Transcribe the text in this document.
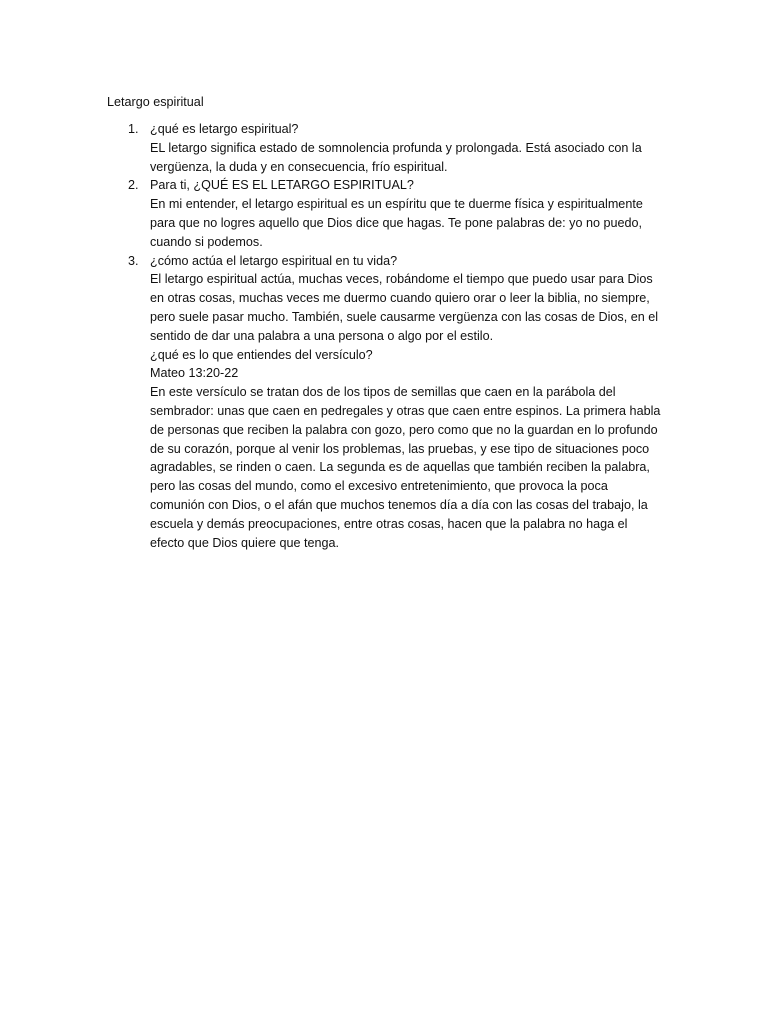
Letargo espiritual
1. ¿qué es letargo espiritual?
EL letargo significa estado de somnolencia profunda y prolongada. Está asociado con la
vergüenza, la duda y en consecuencia, frío espiritual.
2. Para ti, ¿QUÉ ES EL LETARGO ESPIRITUAL?
En mi entender, el letargo espiritual es un espíritu que te duerme física y espiritualmente
para que no logres aquello que Dios dice que hagas. Te pone palabras de: yo no puedo,
cuando si podemos.
3. ¿cómo actúa el letargo espiritual en tu vida?
El letargo espiritual actúa, muchas veces, robándome el tiempo que puedo usar para Dios
en otras cosas, muchas veces me duermo cuando quiero orar o leer la biblia, no siempre,
pero suele pasar mucho. También, suele causarme vergüenza con las cosas de Dios, en el
sentido de dar una palabra a una persona o algo por el estilo.
¿qué es lo que entiendes del versículo?
Mateo 13:20-22
En este versículo se tratan dos de los tipos de semillas que caen en la parábola del
sembrador: unas que caen en pedregales y otras que caen entre espinos. La primera habla
de personas que reciben la palabra con gozo, pero como que no la guardan en lo profundo
de su corazón, porque al venir los problemas, las pruebas, y ese tipo de situaciones poco
agradables, se rinden o caen. La segunda es de aquellas que también reciben la palabra,
pero las cosas del mundo, como el excesivo entretenimiento, que provoca la poca
comunión con Dios, o el afán que muchos tenemos día a día con las cosas del trabajo, la
escuela y demás preocupaciones, entre otras cosas, hacen que la palabra no haga el
efecto que Dios quiere que tenga.
